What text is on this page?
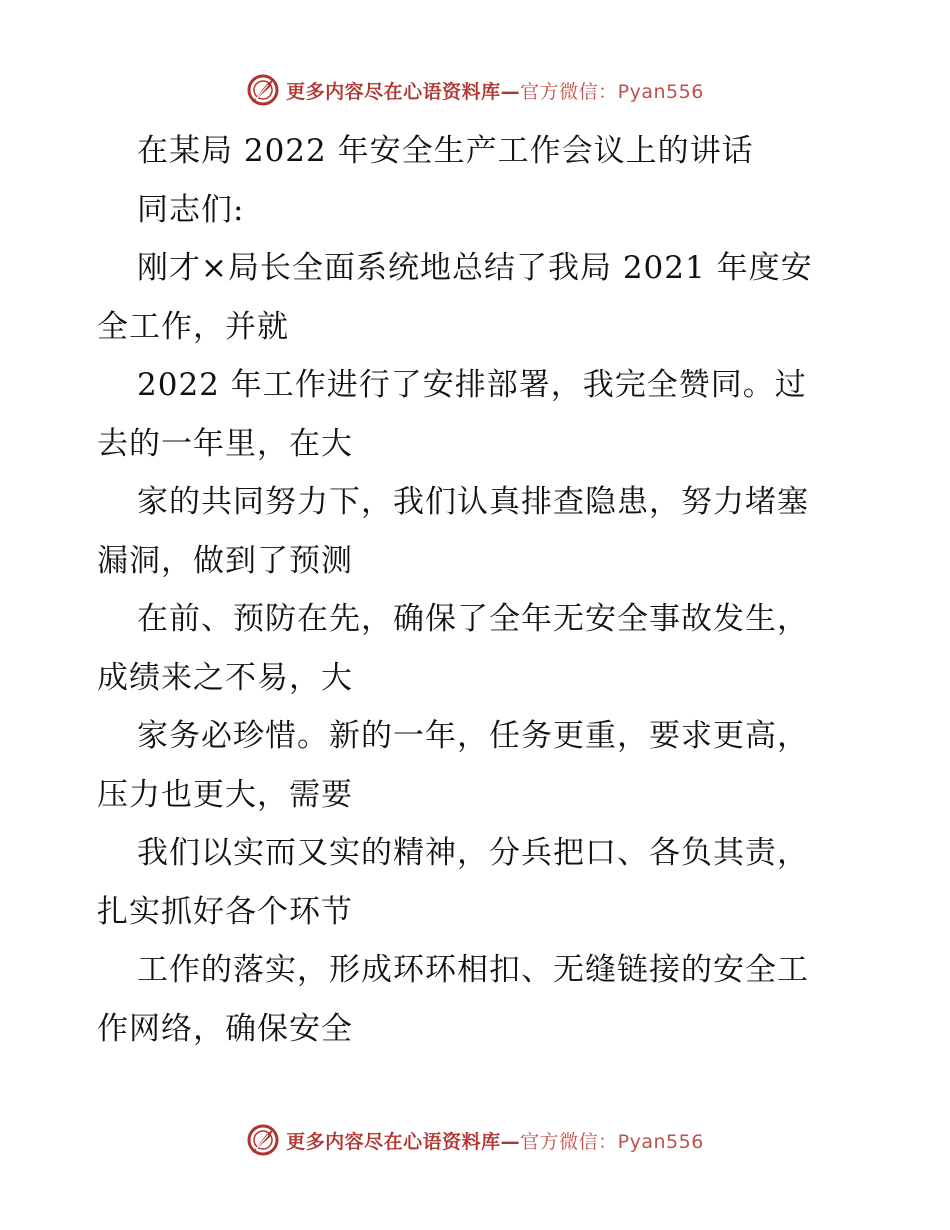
更多内容尽在心语资料库—官方微信：Pyan556
在某局 2022 年安全生产工作会议上的讲话
同志们:
刚才×局长全面系统地总结了我局 2021 年度安
全工作，并就
2022 年工作进行了安排部署，我完全赞同。过
去的一年里，在大
家的共同努力下，我们认真排查隐患，努力堵塞
漏洞，做到了预测
在前、预防在先，确保了全年无安全事故发生，
成绩来之不易，大
家务必珍惜。新的一年，任务更重，要求更高，
压力也更大，需要
我们以实而又实的精神，分兵把口、各负其责，
扎实抓好各个环节
工作的落实，形成环环相扣、无缝链接的安全工
作网络，确保安全
更多内容尽在心语资料库—官方微信：Pyan556
